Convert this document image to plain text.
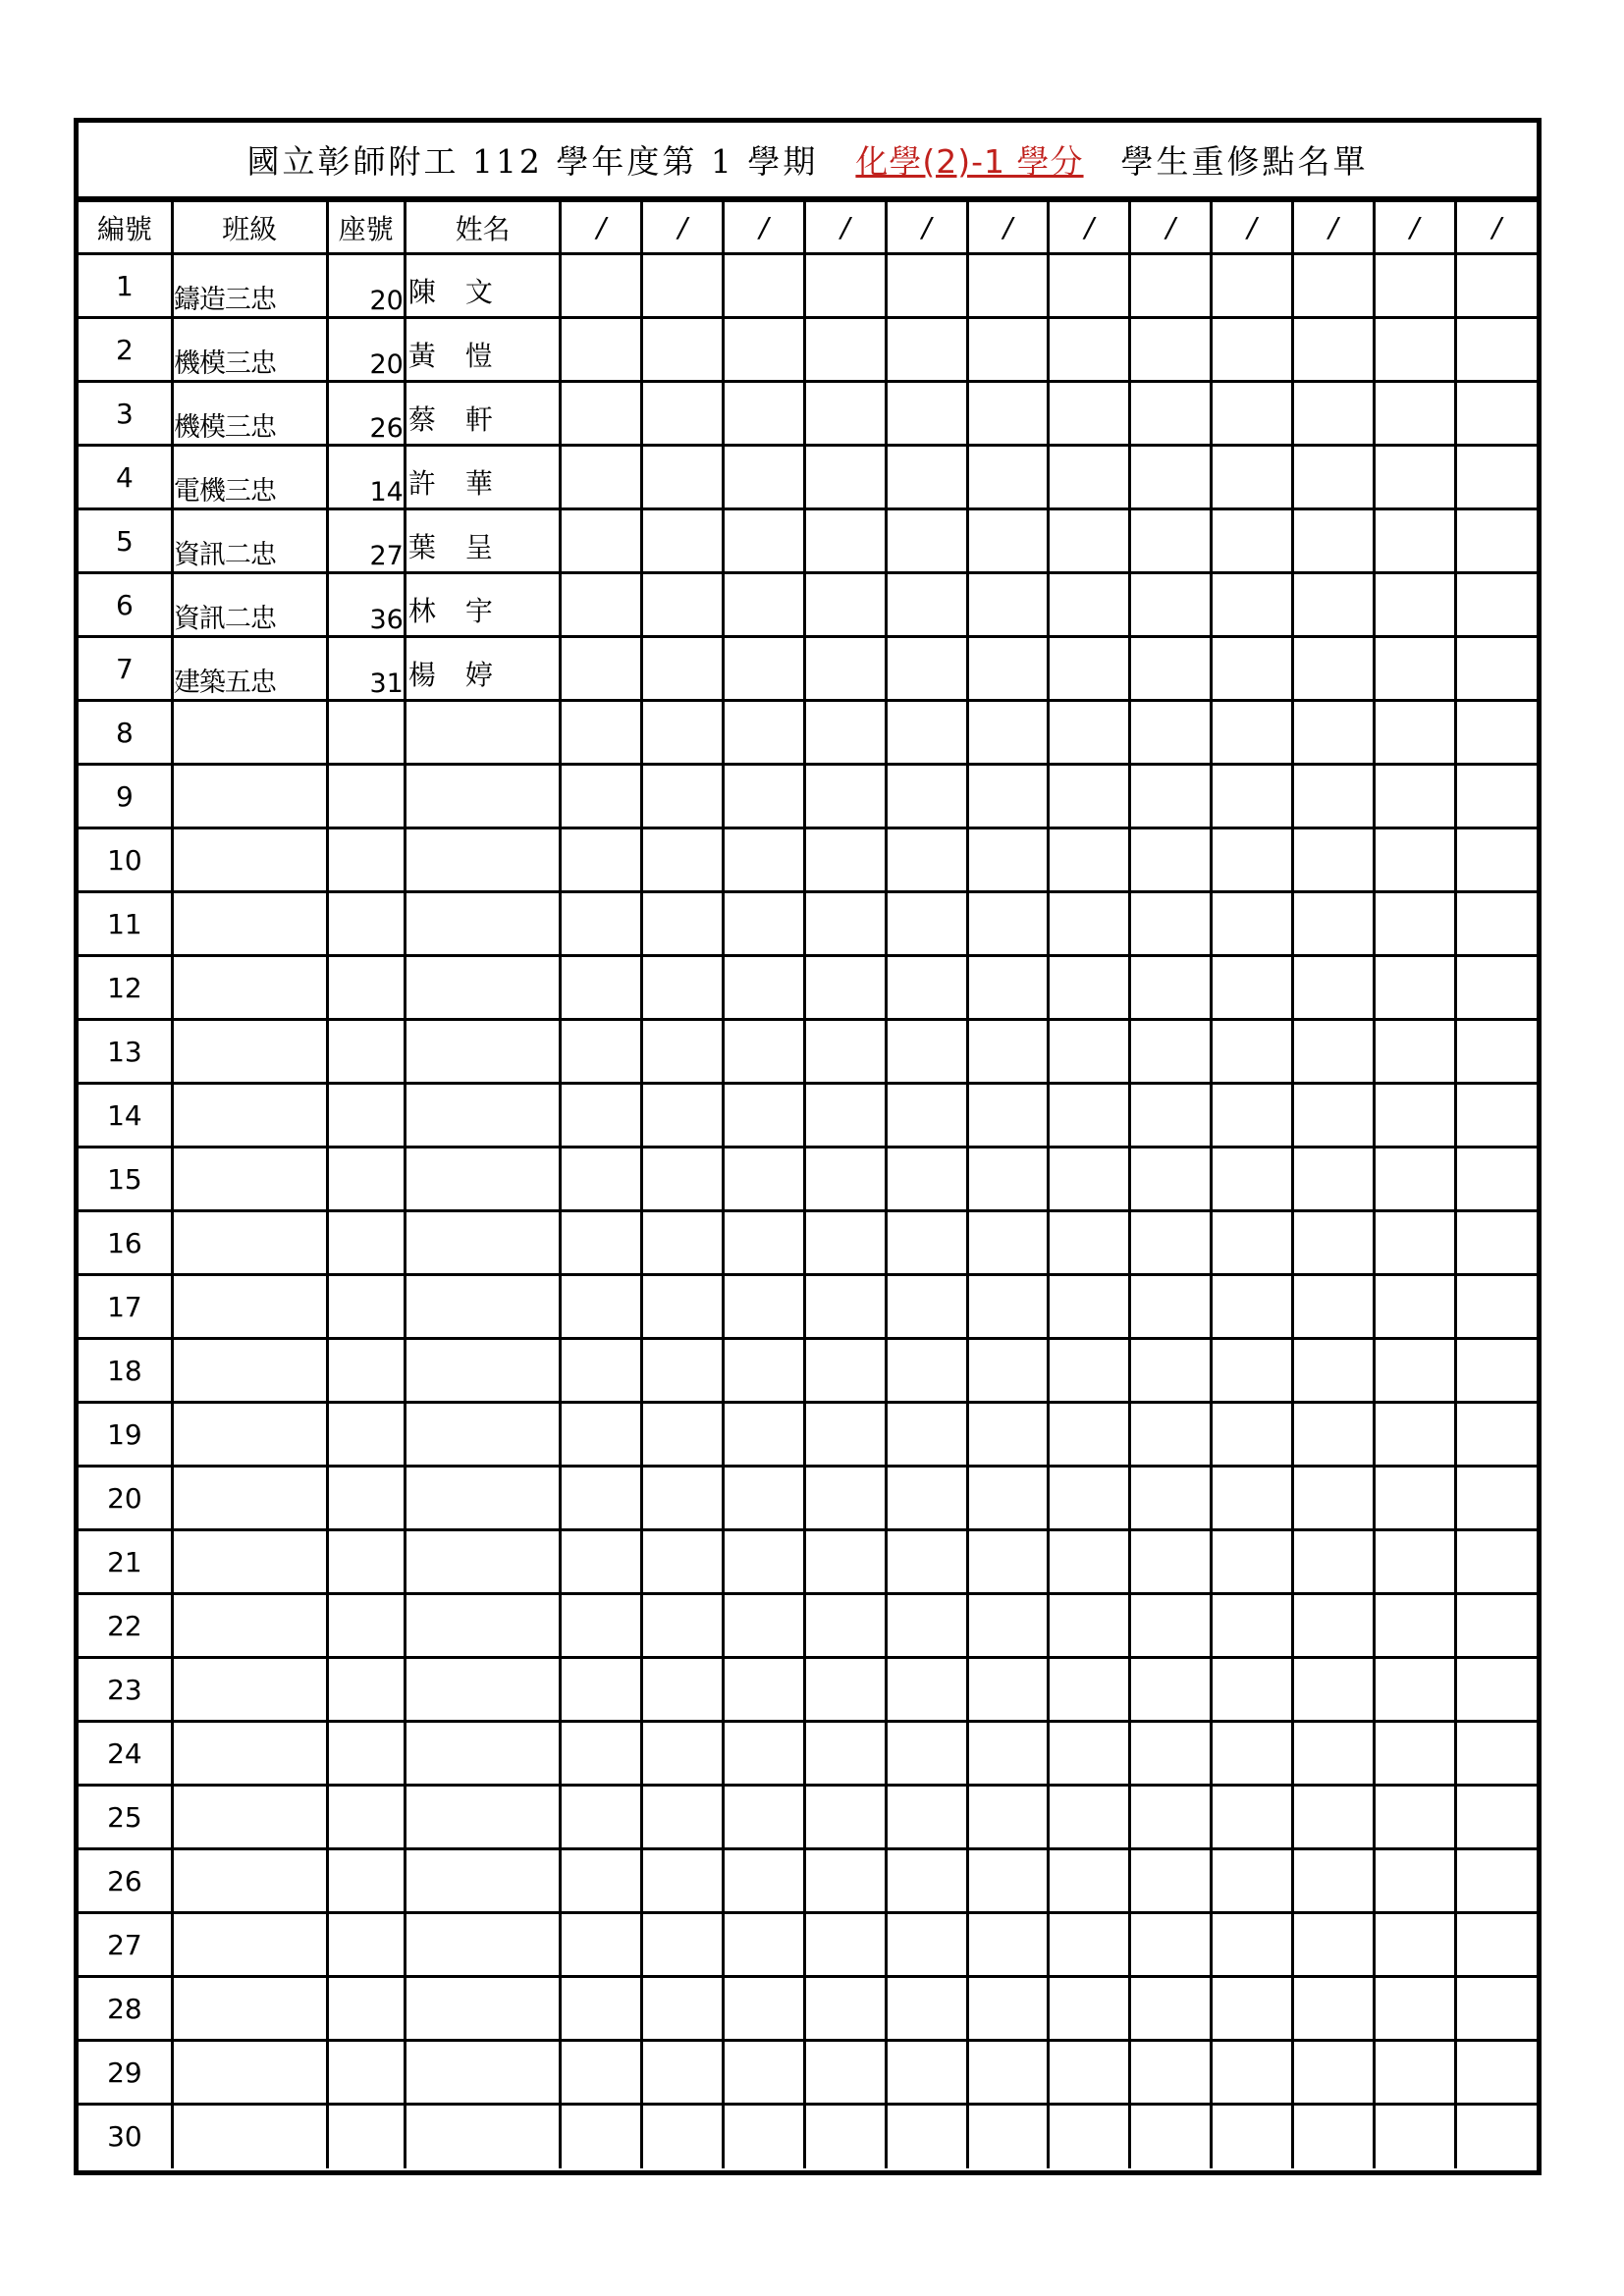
國立彰師附工 112 學年度第 1 學期 化學(2)-1 學分 學生重修點名單
編號	班級	座號	姓名	/	/	/	/	/	/	/	/	/	/	/	/
1	鑄造三忠	20	陳 文												

2	機模三忠	20	黃 愷												

3	機模三忠	26	蔡 軒												

4	電機三忠	14	許 華												

5	資訊二忠	27	葉 呈												

6	資訊二忠	36	林 宇												

7	建築五忠	31	楊 婷												

8															
9															
10															
11															
12															
13															
14															
15															
16															
17															
18															
19															
20															
21															
22															
23															
24															
25															
26															
27															
28															
29															
30															
